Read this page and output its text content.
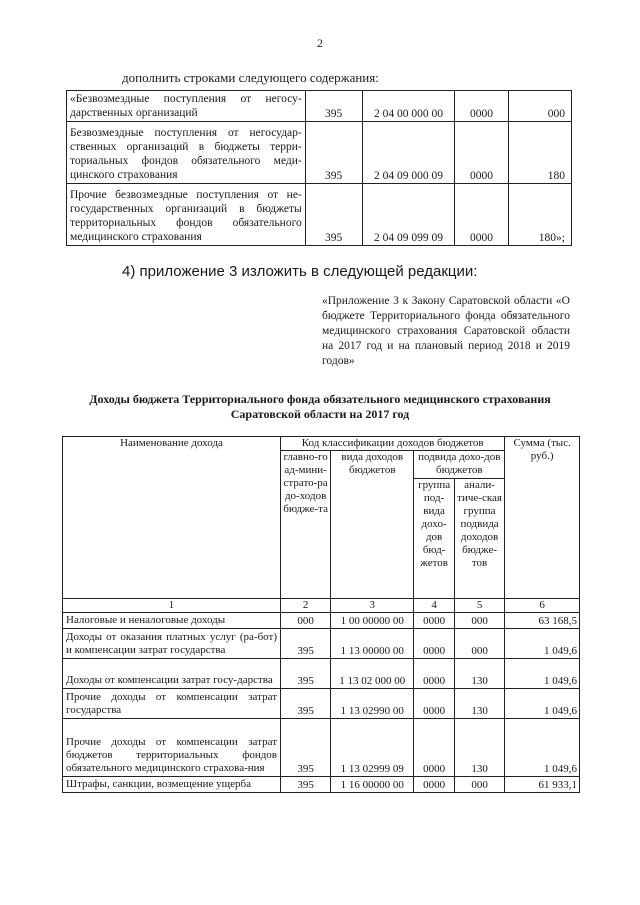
2
дополнить строками следующего содержания:
«Безвозмездные поступления от негосу-дарственных организаций	395	2 04 00 000 00	0000	000
Безвозмездные поступления от негосудар-ственных организаций в бюджеты терри-ториальных фондов обязательного меди-цинского страхования	395	2 04 09 000 09	0000	180
Прочие безвозмездные поступления от не-государственных организаций в бюджеты территориальных фондов обязательного медицинского страхования	395	2 04 09 099 09	0000	180»;
4) приложение 3 изложить в следующей редакции:
«Приложение 3 к Закону Саратовской области «О бюджете Территориального фонда обязательного медицинского страхования Саратовской области на 2017 год и на плановый период 2018 и 2019 годов»
Доходы бюджета Территориального фонда обязательного медицинского страхования Саратовской области на 2017 год
Наименование дохода	Код классификации доходов бюджетов				Сумма (тыс. руб.)
	главно-го ад-мини-страто-ра до-ходов бюдже-та	вида доходов бюджетов	подвида дохо-дов бюджетов		
			группа под-вида дохо-дов бюд-жетов	анали-тиче-ская группа подвида доходов бюдже-тов	
1	2	3	4	5	6
Налоговые и неналоговые доходы	000	1 00 00000 00	0000	000	63 168,5
Доходы от оказания платных услуг (ра-бот) и компенсации затрат государства	395	1 13 00000 00	0000	000	1 049,6
Доходы от компенсации затрат госу-дарства	395	1 13 02 000 00	0000	130	1 049,6
Прочие доходы от компенсации затрат государства	395	1 13 02990 00	0000	130	1 049,6
Прочие доходы от компенсации затрат бюджетов территориальных фондов обязательного медицинского страхова-ния	395	1 13 02999 09	0000	130	1 049,6
Штрафы, санкции, возмещение ущерба	395	1 16 00000 00	0000	000	61 933,1
